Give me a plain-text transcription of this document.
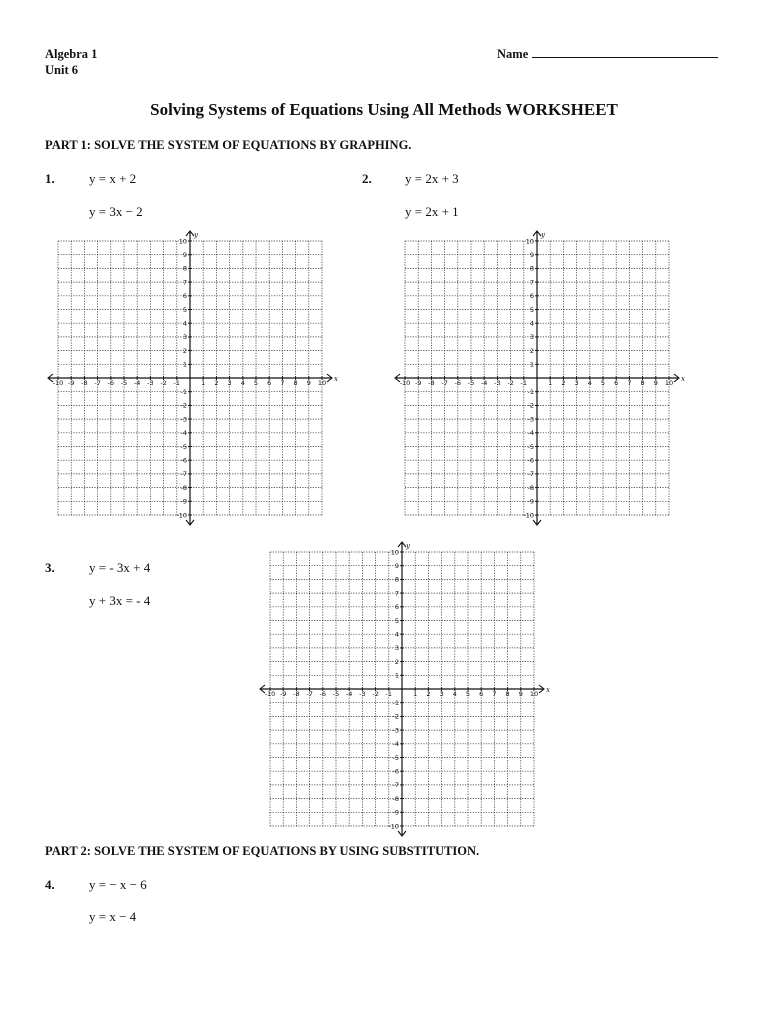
Algebra 1
Unit 6
Name
Solving Systems of Equations Using All Methods WORKSHEET
PART 1: SOLVE THE SYSTEM OF EQUATIONS BY GRAPHING.
1.	y = x + 2
y = 3x − 2
2.	y = 2x + 3
y = 2x + 1
-10
-10
-9
-9
-8
-8
-7
-7
-6
-6
-5
-5
-4
-4
-3
-3
-2
-2
-1
-1
1
1
2
2
3
3
4
4
5
5
6
6
7
7
8
8
9
9
10
10
x
y
-10
-10
-9
-9
-8
-8
-7
-7
-6
-6
-5
-5
-4
-4
-3
-3
-2
-2
-1
-1
1
1
2
2
3
3
4
4
5
5
6
6
7
7
8
8
9
9
10
10
x
y
3.	y = - 3x + 4
y + 3x = - 4
-10
-10
-9
-9
-8
-8
-7
-7
-6
-6
-5
-5
-4
-4
-3
-3
-2
-2
-1
-1
1
1
2
2
3
3
4
4
5
5
6
6
7
7
8
8
9
9
10
10
x
y
PART 2: SOLVE THE SYSTEM OF EQUATIONS BY USING SUBSTITUTION.
4.	y = − x − 6
y = x − 4
